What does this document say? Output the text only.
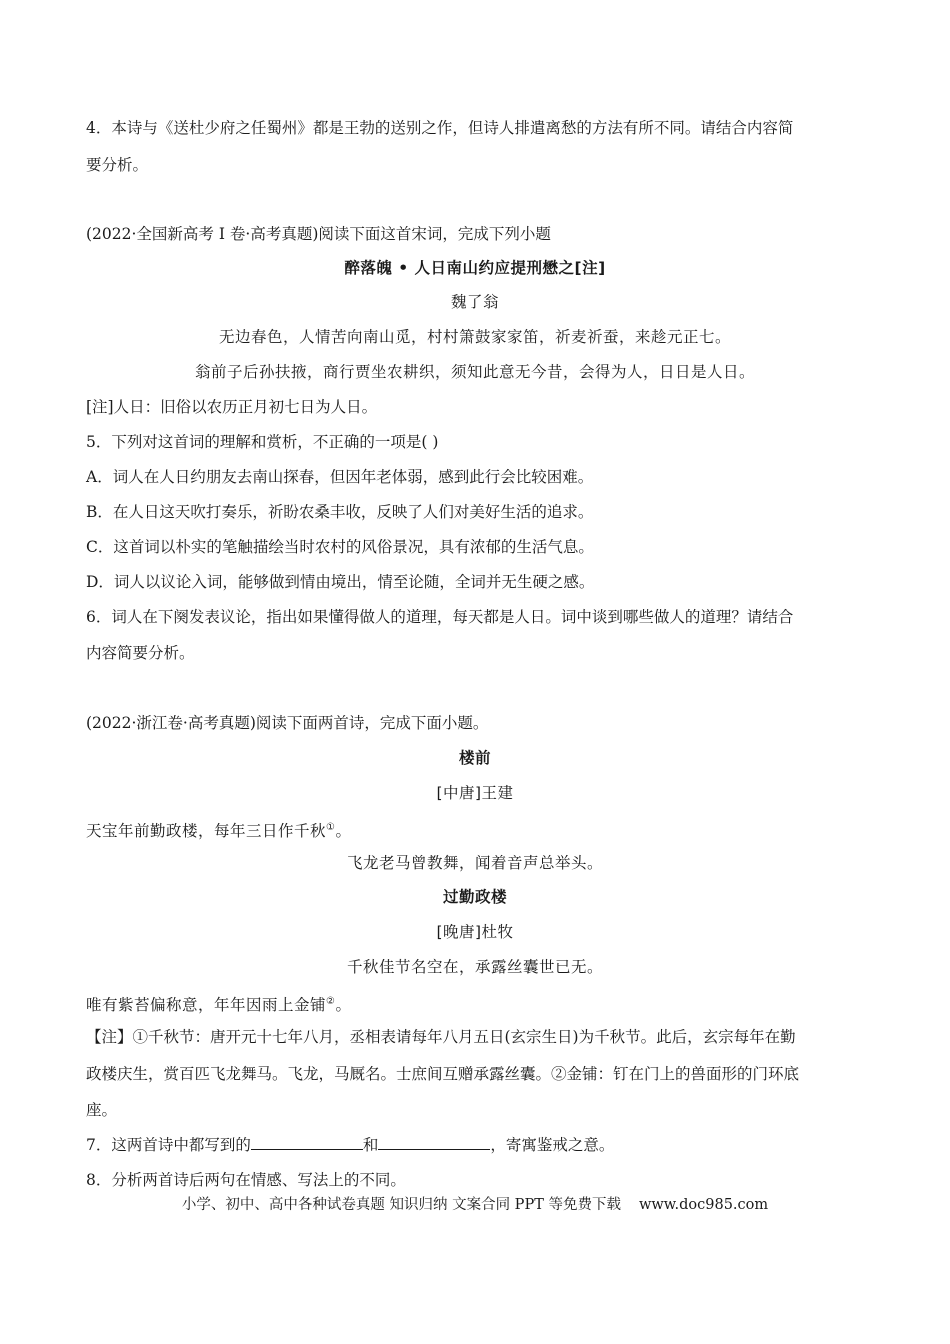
4．本诗与《送杜少府之任蜀州》都是王勃的送别之作，但诗人排遣离愁的方法有所不同。请结合内容简
要分析。
(2022·全国新高考 I 卷·高考真题)阅读下面这首宋词，完成下列小题
醉落魄 • 人日南山约应提刑懋之[注]
魏了翁
无边春色，人情苦向南山觅，村村箫鼓家家笛，祈麦祈蚕，来趁元正七。
翁前子后孙扶掖，商行贾坐农耕织，须知此意无今昔，会得为人，日日是人日。
[注]人日：旧俗以农历正月初七日为人日。
5．下列对这首词的理解和赏析，不正确的一项是( )
A．词人在人日约朋友去南山探春，但因年老体弱，感到此行会比较困难。
B．在人日这天吹打奏乐，祈盼农桑丰收，反映了人们对美好生活的追求。
C．这首词以朴实的笔触描绘当时农村的风俗景况，具有浓郁的生活气息。
D．词人以议论入词，能够做到情由境出，情至论随，全词并无生硬之感。
6．词人在下阕发表议论，指出如果懂得做人的道理，每天都是人日。词中谈到哪些做人的道理？请结合
内容简要分析。
(2022·浙江卷·高考真题)阅读下面两首诗，完成下面小题。
楼前
[中唐]王建
天宝年前勤政楼，每年三日作千秋①。
飞龙老马曾教舞，闻着音声总举头。
过勤政楼
[晚唐]杜牧
千秋佳节名空在，承露丝囊世已无。
唯有紫苔偏称意，年年因雨上金铺②。
【注】①千秋节：唐开元十七年八月，丞相表请每年八月五日(玄宗生日)为千秋节。此后，玄宗每年在勤
政楼庆生，赏百匹飞龙舞马。飞龙，马厩名。士庶间互赠承露丝囊。②金铺：钉在门上的兽面形的门环底
座。
7．这两首诗中都写到的	和	，寄寓鉴戒之意。
8．分析两首诗后两句在情感、写法上的不同。
小学、初中、高中各种试卷真题 知识归纳 文案合同 PPT 等免费下载 www.doc985.com
